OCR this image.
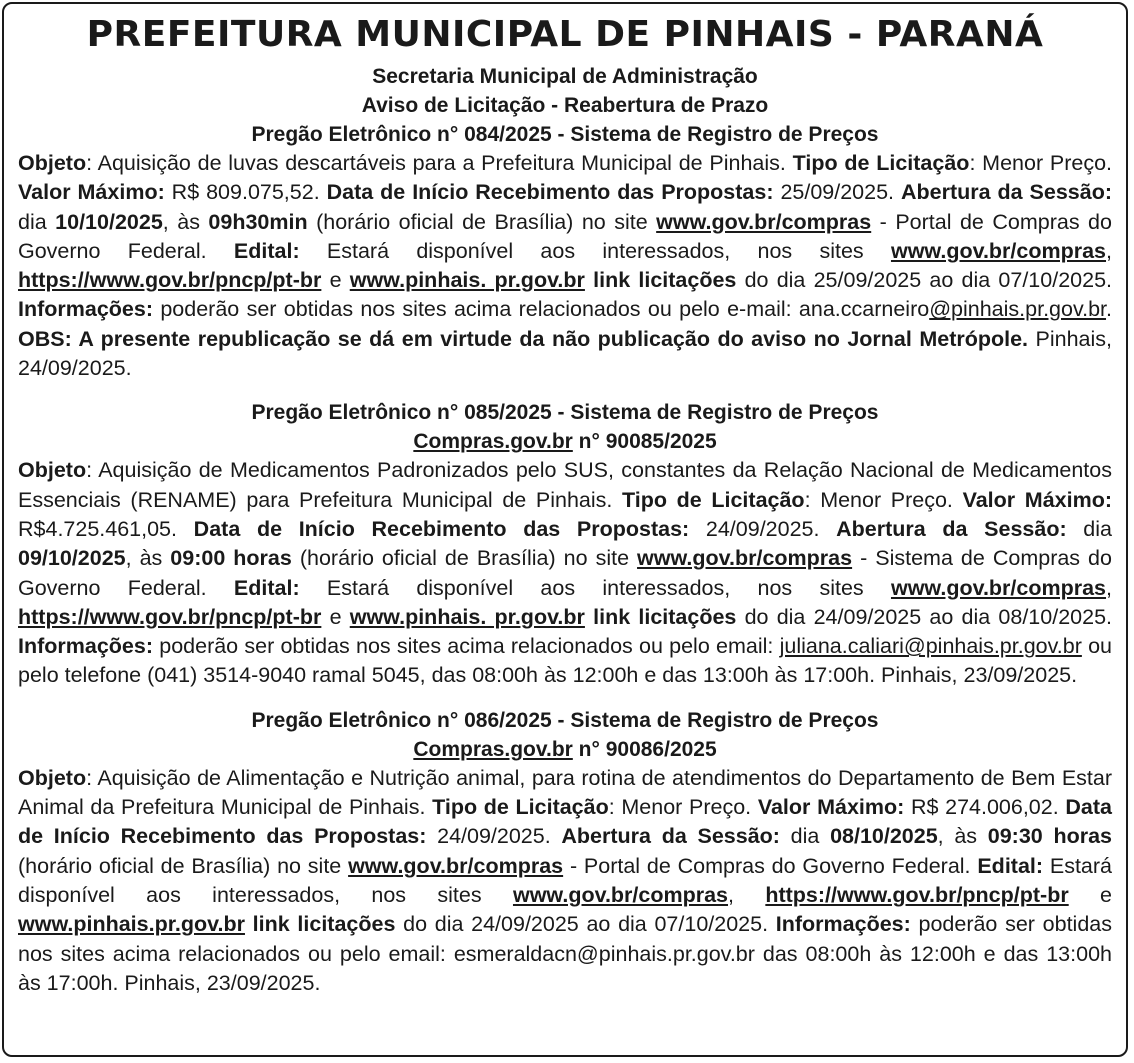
PREFEITURA MUNICIPAL DE PINHAIS - PARANÁ

Secretaria Municipal de Administração

Aviso de Licitação - Reabertura de Prazo

Pregão Eletrônico n° 084/2025 - Sistema de Registro de Preços

Objeto: Aquisição de luvas descartáveis para a Prefeitura Municipal de Pinhais. Tipo de Licitação: Menor Preço. Valor Máximo: R$ 809.075,52. Data de Início Recebimento das Propostas: 25/09/2025. Abertura da Sessão: dia 10/10/2025, às 09h30min (horário oficial de Brasília) no site www.gov.br/compras - Portal de Compras do Governo Federal. Edital: Estará disponível aos interessados, nos sites www.gov.br/compras, https://www.gov.br/pncp/pt-br e www.pinhais. pr.gov.br link licitações do dia 25/09/2025 ao dia 07/10/2025. Informações: poderão ser obtidas nos sites acima relacionados ou pelo e-mail: ana.ccarneiro@pinhais.pr.gov.br. OBS: A presente republicação se dá em virtude da não publicação do aviso no Jornal Metrópole. Pinhais, 24/09/2025.

Pregão Eletrônico n° 085/2025 - Sistema de Registro de Preços

Compras.gov.br n° 90085/2025

Objeto: Aquisição de Medicamentos Padronizados pelo SUS, constantes da Relação Nacional de Medicamentos Essenciais (RENAME) para Prefeitura Municipal de Pinhais. Tipo de Licitação: Menor Preço. Valor Máximo: R$4.725.461,05. Data de Início Recebimento das Propostas: 24/09/2025. Abertura da Sessão: dia 09/10/2025, às 09:00 horas (horário oficial de Brasília) no site www.gov.br/compras - Sistema de Compras do Governo Federal. Edital: Estará disponível aos interessados, nos sites www.gov.br/compras, https://www.gov.br/pncp/pt-br e www.pinhais. pr.gov.br link licitações do dia 24/09/2025 ao dia 08/10/2025. Informações: poderão ser obtidas nos sites acima relacionados ou pelo email: juliana.caliari@pinhais.pr.gov.br ou pelo telefone (041) 3514-9040 ramal 5045, das 08:00h às 12:00h e das 13:00h às 17:00h. Pinhais, 23/09/2025.

Pregão Eletrônico n° 086/2025 - Sistema de Registro de Preços

Compras.gov.br n° 90086/2025

Objeto: Aquisição de Alimentação e Nutrição animal, para rotina de atendimentos do Departamento de Bem Estar Animal da Prefeitura Municipal de Pinhais. Tipo de Licitação: Menor Preço. Valor Máximo: R$ 274.006,02. Data de Início Recebimento das Propostas: 24/09/2025. Abertura da Sessão: dia 08/10/2025, às 09:30 horas (horário oficial de Brasília) no site www.gov.br/compras - Portal de Compras do Governo Federal. Edital: Estará disponível aos interessados, nos sites www.gov.br/compras, https://www.gov.br/pncp/pt-br e www.pinhais.pr.gov.br link licitações do dia 24/09/2025 ao dia 07/10/2025. Informações: poderão ser obtidas nos sites acima relacionados ou pelo email: esmeraldacn@pinhais.pr.gov.br das 08:00h às 12:00h e das 13:00h às 17:00h. Pinhais, 23/09/2025.
